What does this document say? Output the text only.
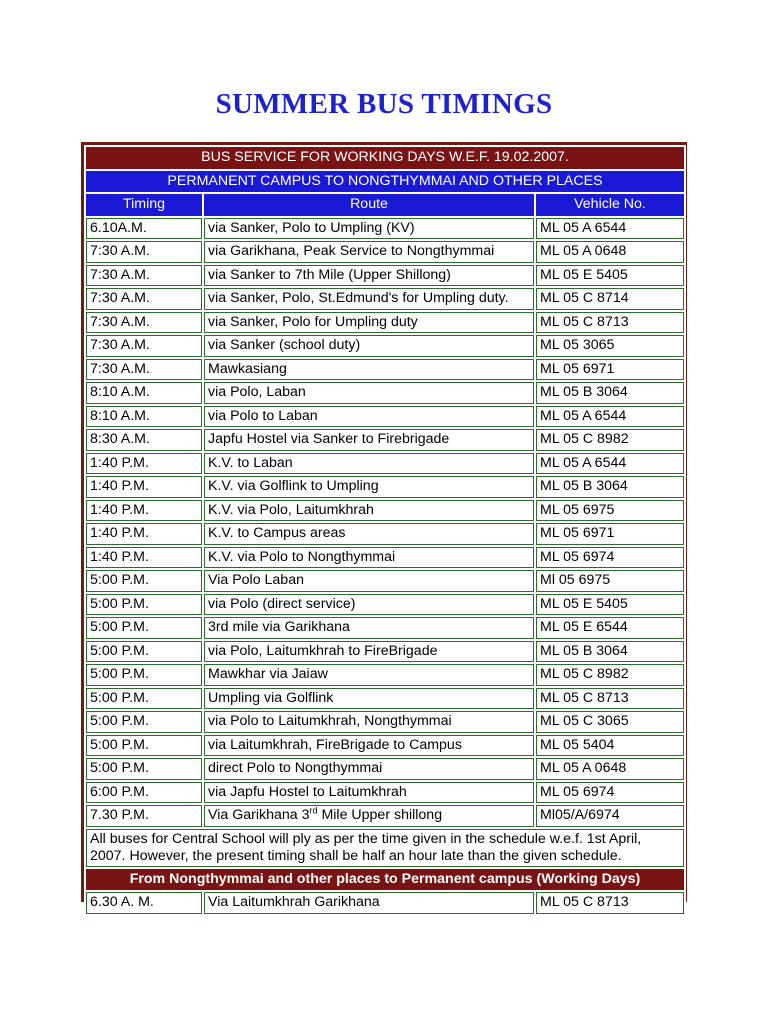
SUMMER BUS TIMINGS
BUS SERVICE FOR WORKING DAYS W.E.F. 19.02.2007.		
PERMANENT CAMPUS TO NONGTHYMMAI AND OTHER PLACES		
Timing	Route	Vehicle No.
6.10A.M.	via Sanker, Polo to Umpling (KV)	ML 05 A 6544
7:30 A.M.	via Garikhana, Peak Service to Nongthymmai	ML 05 A 0648
7:30 A.M.	via Sanker to 7th Mile (Upper Shillong)	ML 05 E 5405
7:30 A.M.	via Sanker, Polo, St.Edmund's for Umpling duty.	ML 05 C 8714
7:30 A.M.	via Sanker, Polo for Umpling duty	ML 05 C 8713
7:30 A.M.	via Sanker (school duty)	ML 05 3065
7:30 A.M.	Mawkasiang	ML 05 6971
8:10 A.M.	via Polo, Laban	ML 05 B 3064
8:10 A.M.	via Polo to Laban	ML 05 A 6544
8:30 A.M.	Japfu Hostel via Sanker to Firebrigade	ML 05 C 8982
1:40 P.M.	K.V. to Laban	ML 05 A 6544
1:40 P.M.	K.V. via Golflink to Umpling	ML 05 B 3064
1:40 P.M.	K.V. via Polo, Laitumkhrah	ML 05 6975
1:40 P.M.	K.V. to Campus areas	ML 05 6971
1:40 P.M.	K.V. via Polo to Nongthymmai	ML 05 6974
5:00 P.M.	Via Polo Laban	Ml 05 6975
5:00 P.M.	via Polo (direct service)	ML 05 E 5405
5:00 P.M.	3rd mile via Garikhana	ML 05 E 6544
5:00 P.M.	via Polo, Laitumkhrah to FireBrigade	ML 05 B 3064
5:00 P.M.	Mawkhar via Jaiaw	ML 05 C 8982
5:00 P.M.	Umpling via Golflink	ML 05 C 8713
5:00 P.M.	via Polo to Laitumkhrah, Nongthymmai	ML 05 C 3065
5:00 P.M.	via Laitumkhrah, FireBrigade to Campus	ML 05 5404
5:00 P.M.	direct Polo to Nongthymmai	ML 05 A 0648
6:00 P.M.	via Japfu Hostel to Laitumkhrah	ML 05 6974
7.30 P.M.	Via Garikhana 3rd Mile Upper shillong	Ml05/A/6974
All buses for Central School will ply as per the time given in the schedule w.e.f. 1st April, 2007. However, the present timing shall be half an hour late than the given schedule.		
From Nongthymmai and other places to Permanent campus (Working Days)		
6.30 A. M.	Via Laitumkhrah Garikhana	ML 05 C 8713
